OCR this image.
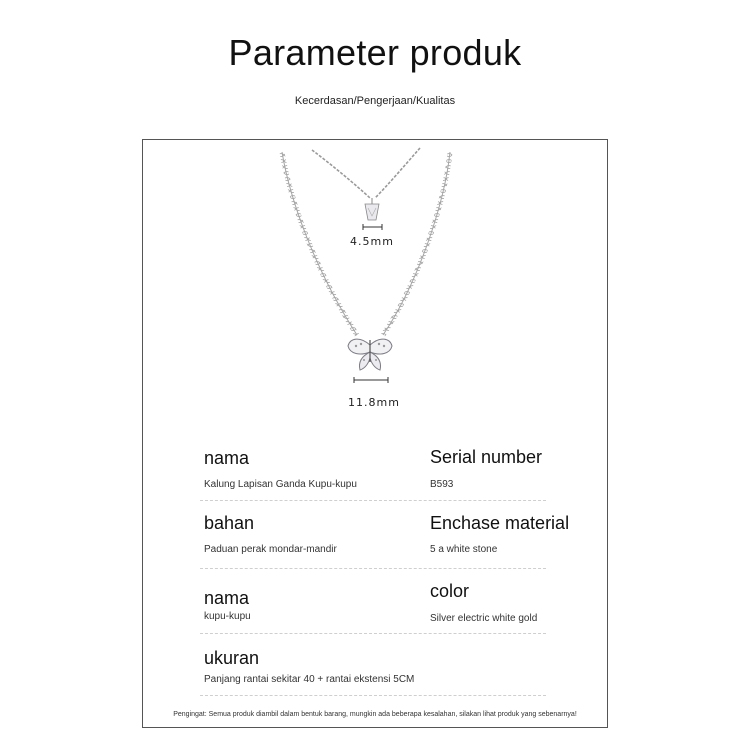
Parameter produk
Kecerdasan/Pengerjaan/Kualitas
4.5mm
11.8mm
nama
Kalung Lapisan Ganda Kupu-kupu
Serial number
B593
bahan
Paduan perak mondar-mandir
Enchase material
5 a white stone
nama
kupu-kupu
color
Silver electric white gold
ukuran
Panjang rantai sekitar 40 + rantai ekstensi 5CM
Pengingat: Semua produk diambil dalam bentuk barang, mungkin ada beberapa kesalahan, silakan lihat produk yang sebenarnya!
